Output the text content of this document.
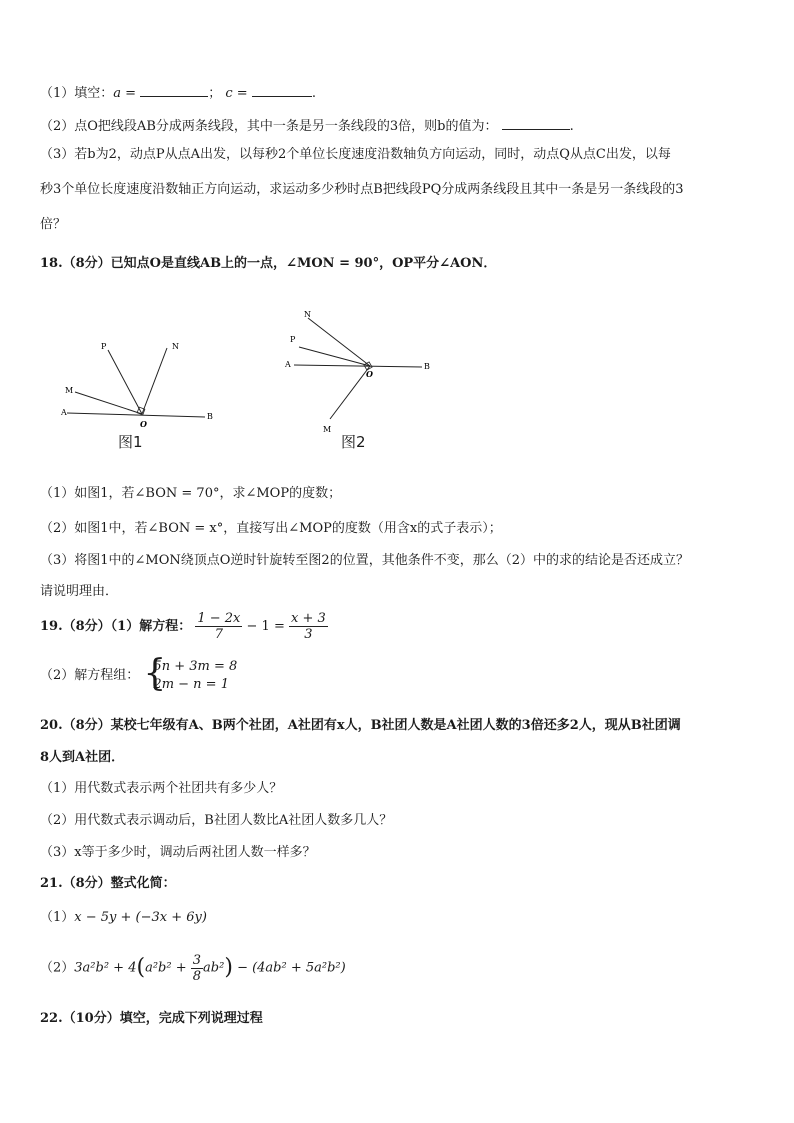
（1）填空：a =	； c =	.
（2）点O把线段AB分成两条线段，其中一条是另一条线段的3倍，则b的值为：	.
（3）若b为2，动点P从点A出发，以每秒2个单位长度速度沿数轴负方向运动，同时，动点Q从点C出发，以每
秒3个单位长度速度沿数轴正方向运动，求运动多少秒时点B把线段PQ分成两条线段且其中一条是另一条线段的3
倍？
18.（8分）已知点O是直线AB上的一点，∠MON = 90°，OP平分∠AON．
A	B
O
M
N
P
图1
A	B
O
M
N
P
图2
（1）如图1，若∠BON = 70°，求∠MOP的度数；
（2）如图1中，若∠BON = x°，直接写出∠MOP的度数（用含x的式子表示）；
（3）将图1中的∠MON绕顶点O逆时针旋转至图2的位置，其他条件不变，那么（2）中的求的结论是否还成立？
请说明理由．
19.（8分）（1）解方程： $\frac{1 - 2x}{7} - 1 = \frac{x + 3}{3}$
（2）解方程组： {
5n + 3m = 8
2m − n = 1
20.（8分）某校七年级有A、B两个社团，A社团有x人，B社团人数是A社团人数的3倍还多2人，现从B社团调
8人到A社团．
（1）用代数式表示两个社团共有多少人？
（2）用代数式表示调动后，B社团人数比A社团人数多几人？
（3）x等于多少时，调动后两社团人数一样多？
21.（8分）整式化简：
（1）x − 5y + (−3x + 6y)
$(2)3a^2b^2 + 4(a^2b^2 + \frac{3}{8} ab^2) - (4ab^2 + 5a^2b^2)$
22.（10分）填空，完成下列说理过程
